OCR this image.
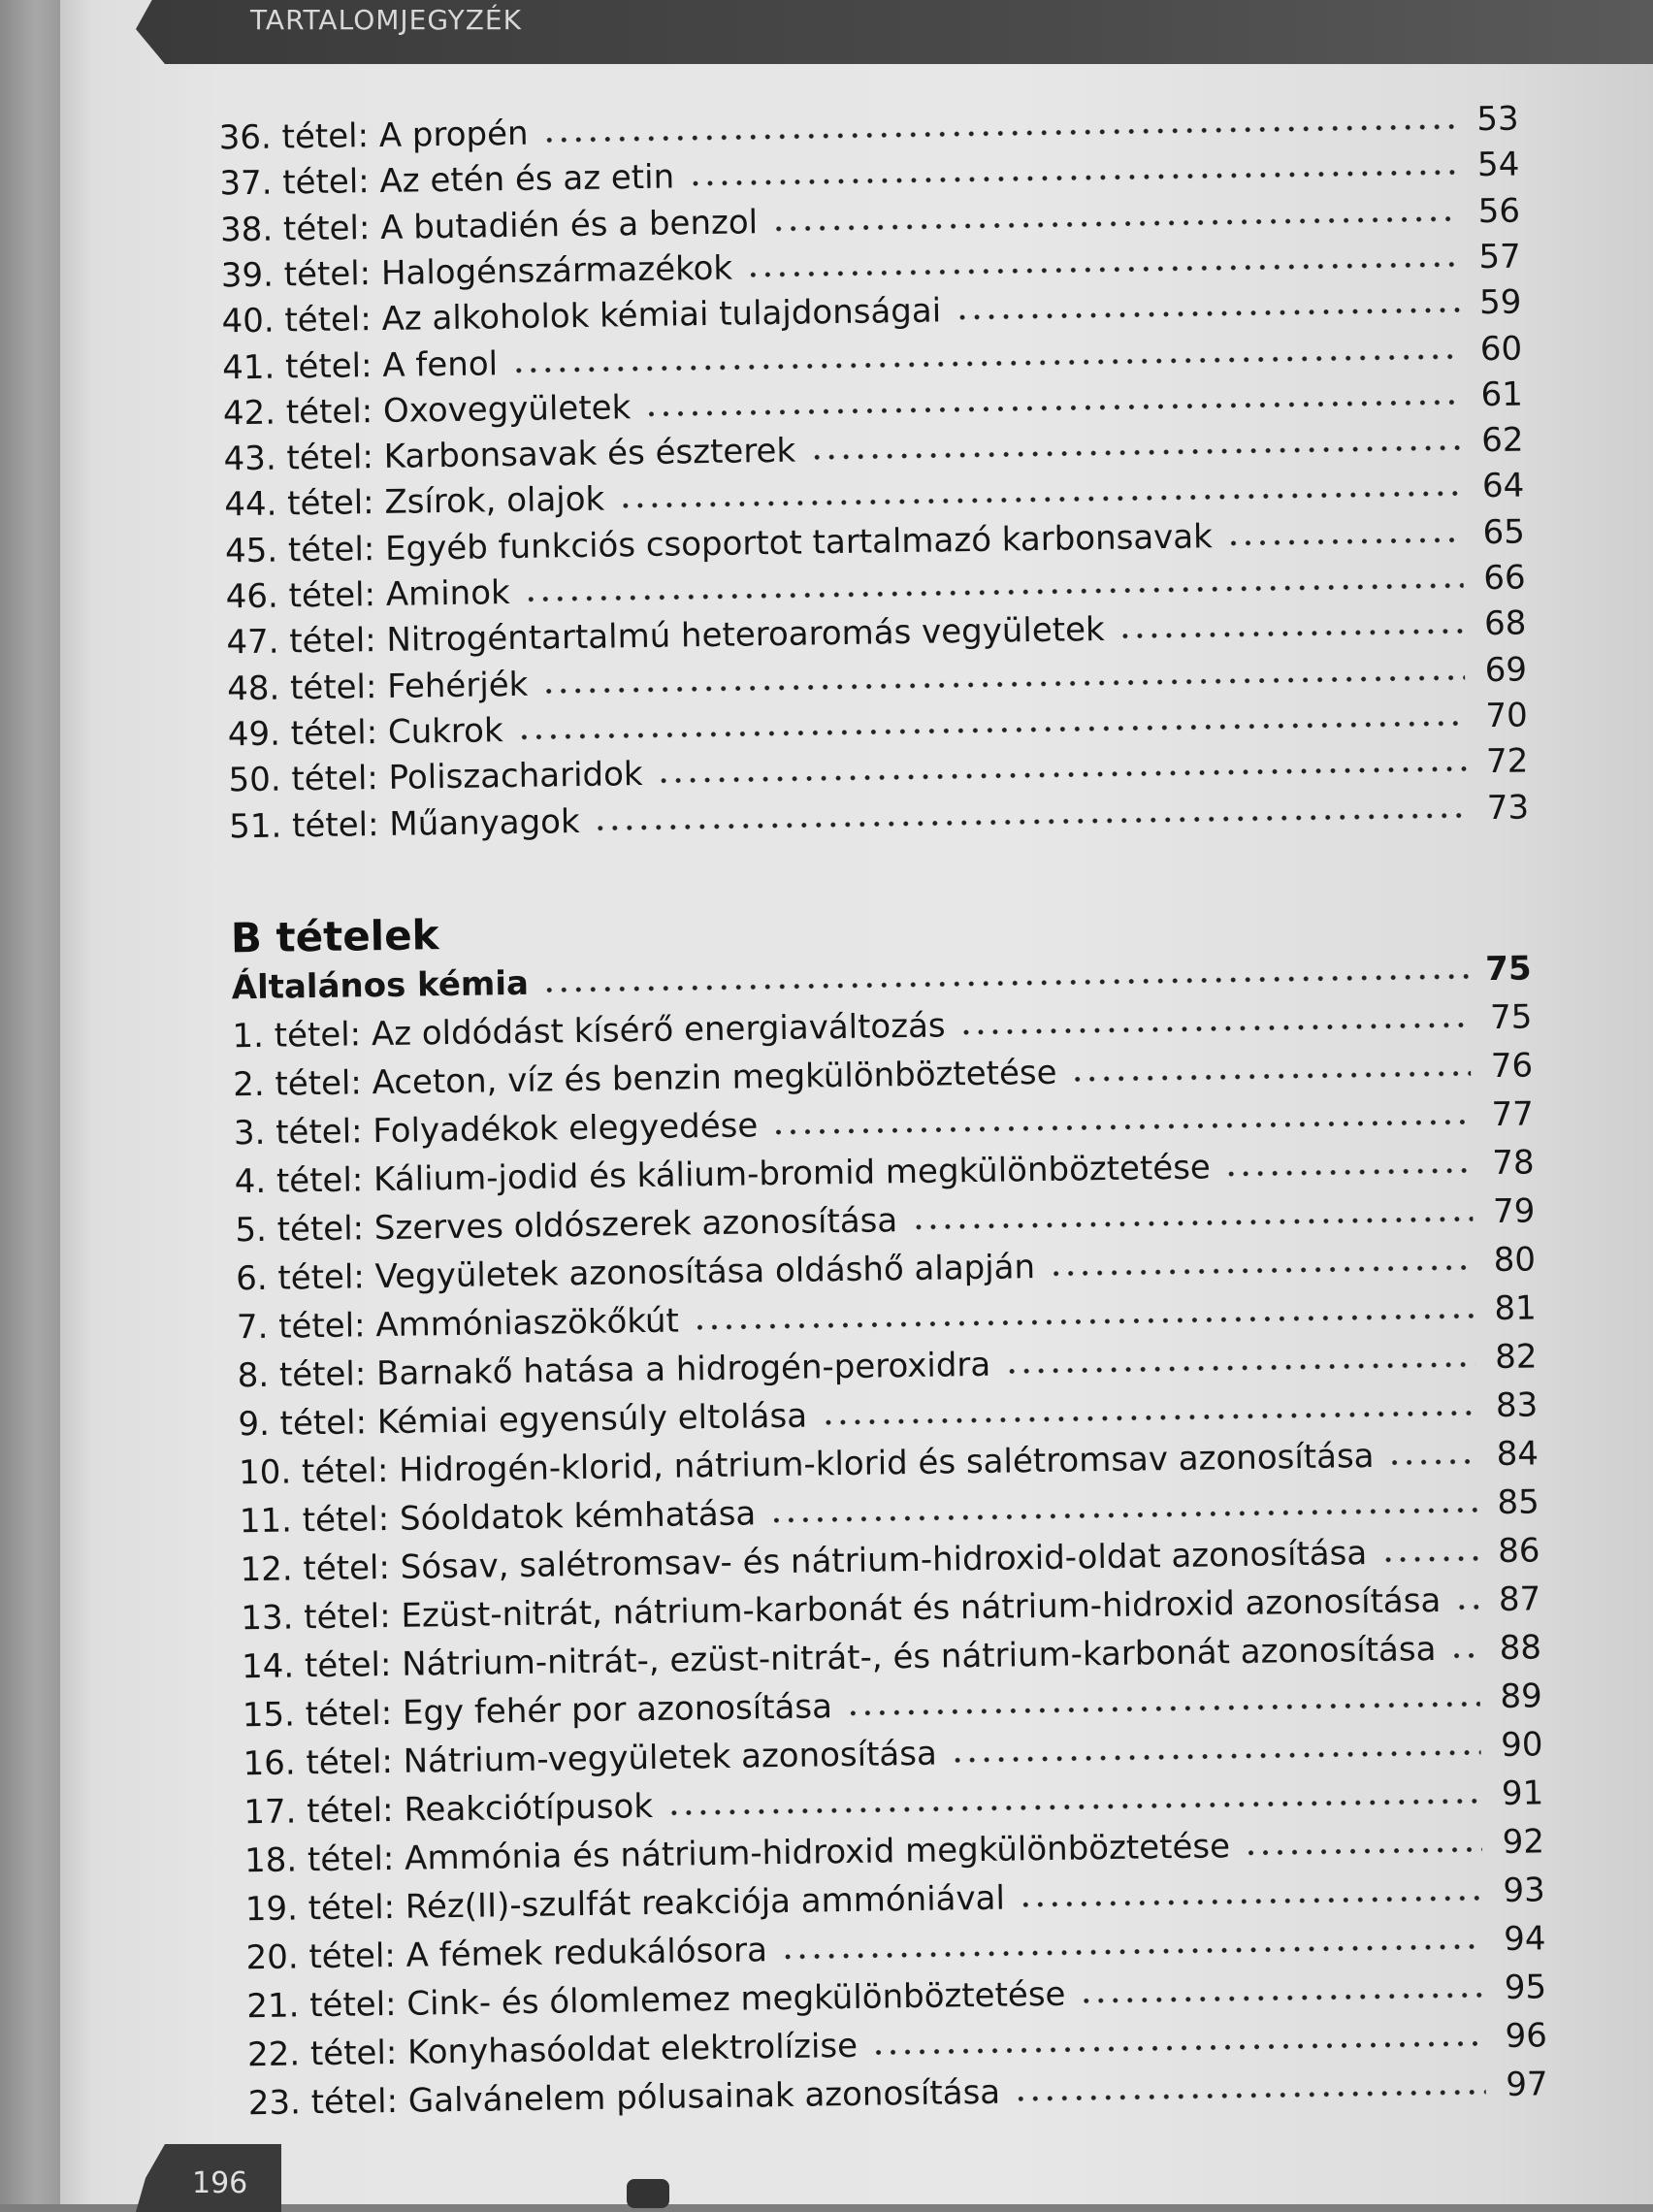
TARTALOMJEGYZÉK
B tételek
36. tétel: A propén	53
37. tétel: Az etén és az etin	54
38. tétel: A butadién és a benzol	56
39. tétel: Halogénszármazékok	57
40. tétel: Az alkoholok kémiai tulajdonságai	59
41. tétel: A fenol	60
42. tétel: Oxovegyületek	61
43. tétel: Karbonsavak és észterek	62
44. tétel: Zsírok, olajok	64
45. tétel: Egyéb funkciós csoportot tartalmazó karbonsavak	65
46. tétel: Aminok	66
47. tétel: Nitrogéntartalmú heteroaromás vegyületek	68
48. tétel: Fehérjék	69
49. tétel: Cukrok	70
50. tétel: Poliszacharidok	72
51. tétel: Műanyagok	73
Általános kémia	75
1. tétel: Az oldódást kísérő energiaváltozás	75
2. tétel: Aceton, víz és benzin megkülönböztetése	76
3. tétel: Folyadékok elegyedése	77
4. tétel: Kálium-jodid és kálium-bromid megkülönböztetése	78
5. tétel: Szerves oldószerek azonosítása	79
6. tétel: Vegyületek azonosítása oldáshő alapján	80
7. tétel: Ammóniaszökőkút	81
8. tétel: Barnakő hatása a hidrogén-peroxidra	82
9. tétel: Kémiai egyensúly eltolása	83
10. tétel: Hidrogén-klorid, nátrium-klorid és salétromsav azonosítása	84
11. tétel: Sóoldatok kémhatása	85
12. tétel: Sósav, salétromsav- és nátrium-hidroxid-oldat azonosítása	86
13. tétel: Ezüst-nitrát, nátrium-karbonát és nátrium-hidroxid azonosítása	87
14. tétel: Nátrium-nitrát-, ezüst-nitrát-, és nátrium-karbonát azonosítása	88
15. tétel: Egy fehér por azonosítása	89
16. tétel: Nátrium-vegyületek azonosítása	90
17. tétel: Reakciótípusok	91
18. tétel: Ammónia és nátrium-hidroxid megkülönböztetése	92
19. tétel: Réz(II)-szulfát reakciója ammóniával	93
20. tétel: A fémek redukálósora	94
21. tétel: Cink- és ólomlemez megkülönböztetése	95
22. tétel: Konyhasóoldat elektrolízise	96
23. tétel: Galvánelem pólusainak azonosítása	97
196
